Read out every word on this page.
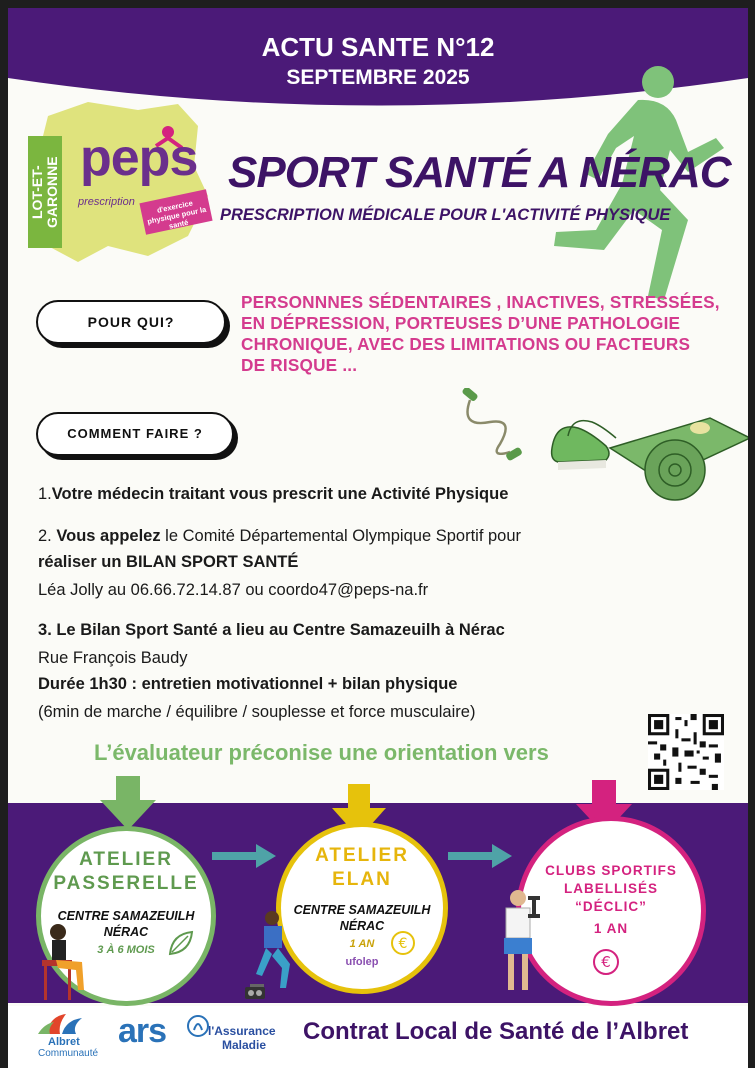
ACTU SANTE N°12
SEPTEMBRE 2025
LOT-ET-GARONNE peps
prescription	d'exercice physique pour la santé
SPORT SANTÉ A NÉRAC
PRESCRIPTION MÉDICALE POUR L'ACTIVITÉ PHYSIQUE
POUR QUI?
PERSONNNES SÉDENTAIRES , INACTIVES, STRESSÉES,
EN DÉPRESSION, PORTEUSES D’UNE PATHOLOGIE
CHRONIQUE, AVEC DES LIMITATIONS OU FACTEURS
DE RISQUE ...
COMMENT FAIRE ?
1.Votre médecin traitant vous prescrit une Activité Physique
2. Vous appelez le Comité Départemental Olympique Sportif pour
réaliser un BILAN SPORT SANTÉ
Léa Jolly au 06.66.72.14.87 ou coordo47@peps-na.fr
3. Le Bilan Sport Santé a lieu au Centre Samazeuilh à Nérac
Rue François Baudy
Durée 1h30 : entretien motivationnel + bilan physique
(6min de marche / équilibre / souplesse et force musculaire)
L’évaluateur préconise une orientation vers
ATELIER
PASSERELLE
CENTRE SAMAZEUILH
NÉRAC
3 À 6 MOIS
ATELIER
ELAN
CENTRE SAMAZEUILH
NÉRAC
1 AN
ufolep
CLUBS SPORTIFS
LABELLISÉS
“DÉCLIC”
1 AN
€
€
Albret
Communauté
ars	l'Assurance
Maladie Contrat Local de Santé de l’Albret
